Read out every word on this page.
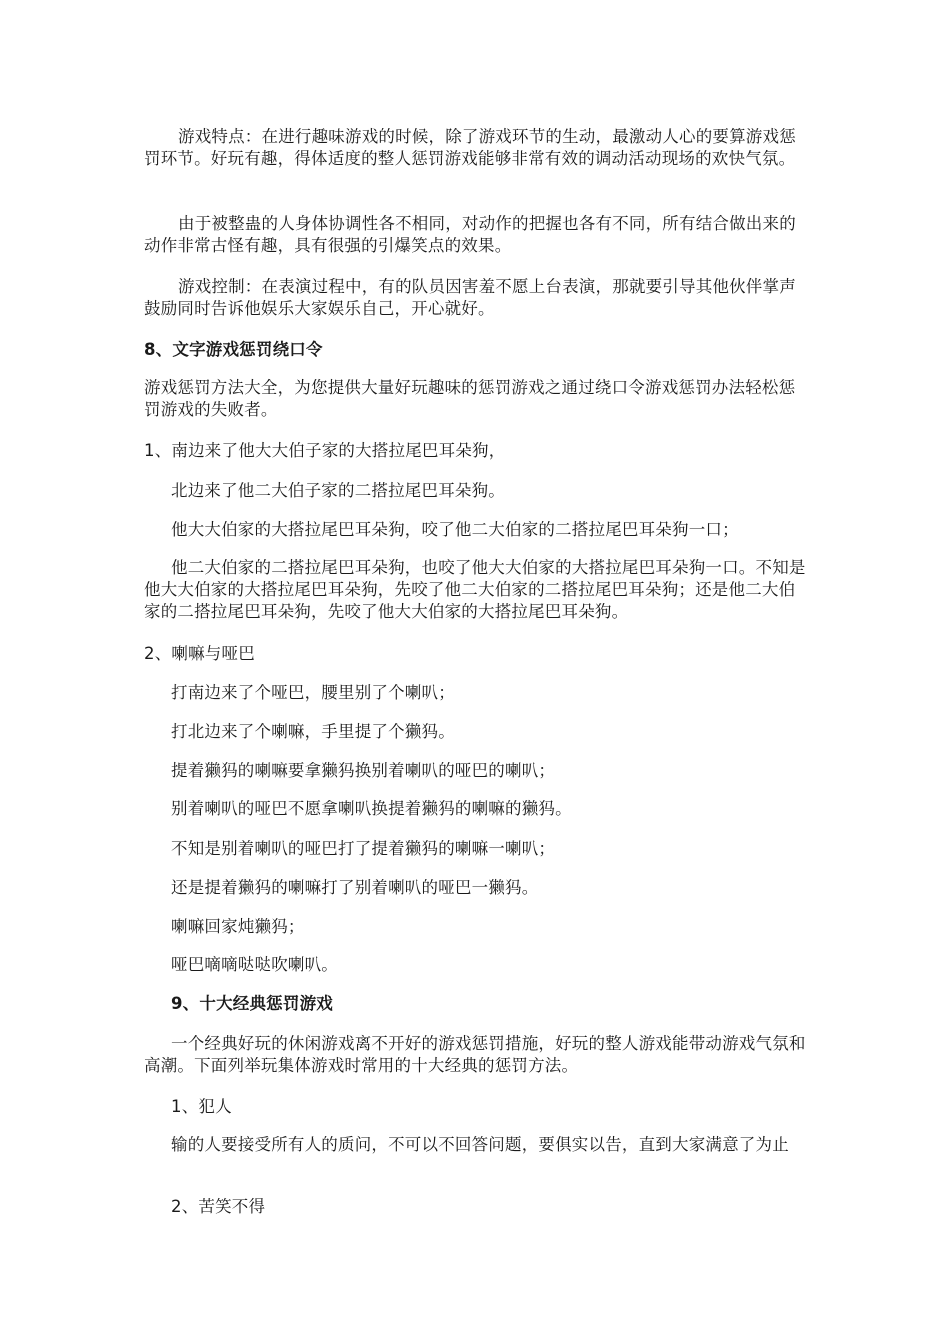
游戏特点：在进行趣味游戏的时候，除了游戏环节的生动，最激动人心的要算游戏惩罚环节。好玩有趣，得体适度的整人惩罚游戏能够非常有效的调动活动现场的欢快气氛。

由于被整蛊的人身体协调性各不相同，对动作的把握也各有不同，所有结合做出来的动作非常古怪有趣，具有很强的引爆笑点的效果。

游戏控制：在表演过程中，有的队员因害羞不愿上台表演，那就要引导其他伙伴掌声鼓励同时告诉他娱乐大家娱乐自己，开心就好。

8、文字游戏惩罚绕口令

游戏惩罚方法大全，为您提供大量好玩趣味的惩罚游戏之通过绕口令游戏惩罚办法轻松惩罚游戏的失败者。

1、南边来了他大大伯子家的大搭拉尾巴耳朵狗，

北边来了他二大伯子家的二搭拉尾巴耳朵狗。

他大大伯家的大搭拉尾巴耳朵狗，咬了他二大伯家的二搭拉尾巴耳朵狗一口；

他二大伯家的二搭拉尾巴耳朵狗，也咬了他大大伯家的大搭拉尾巴耳朵狗一口。不知是他大大伯家的大搭拉尾巴耳朵狗，先咬了他二大伯家的二搭拉尾巴耳朵狗；还是他二大伯家的二搭拉尾巴耳朵狗，先咬了他大大伯家的大搭拉尾巴耳朵狗。

2、喇嘛与哑巴

打南边来了个哑巴，腰里别了个喇叭；

打北边来了个喇嘛，手里提了个獭犸。

提着獭犸的喇嘛要拿獭犸换别着喇叭的哑巴的喇叭；

别着喇叭的哑巴不愿拿喇叭换提着獭犸的喇嘛的獭犸。

不知是别着喇叭的哑巴打了提着獭犸的喇嘛一喇叭；

还是提着獭犸的喇嘛打了别着喇叭的哑巴一獭犸。

喇嘛回家炖獭犸；

哑巴嘀嘀哒哒吹喇叭。

9、十大经典惩罚游戏

一个经典好玩的休闲游戏离不开好的游戏惩罚措施，好玩的整人游戏能带动游戏气氛和高潮。下面列举玩集体游戏时常用的十大经典的惩罚方法。

1、犯人

输的人要接受所有人的质问，不可以不回答问题，要俱实以告，直到大家满意了为止

2、苦笑不得
